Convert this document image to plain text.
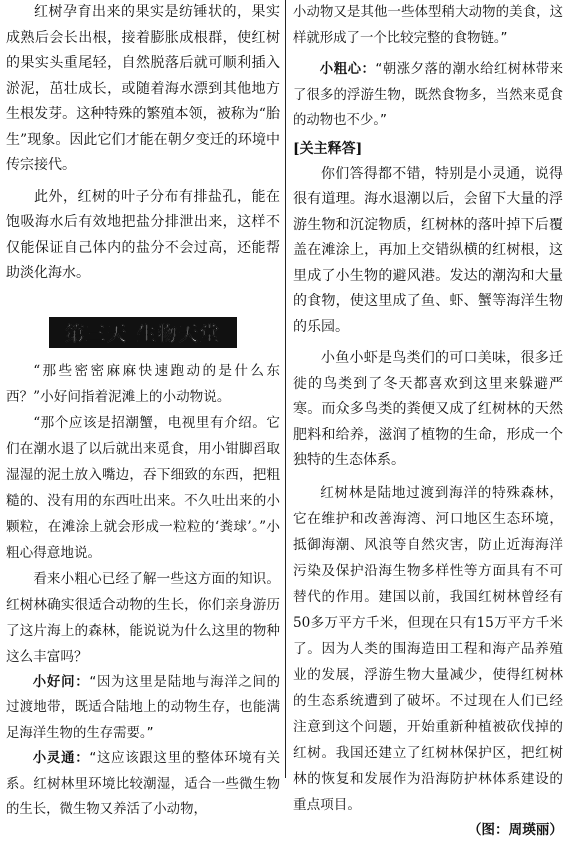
红树孕育出来的果实是纺锤状的，果实成熟后会长出根，接着膨胀成根群，使红树的果实头重尾轻，自然脱落后就可顺利插入淤泥，茁壮成长，或随着海水漂到其他地方生根发芽。这种特殊的繁殖本领，被称为“胎生”现象。因此它们才能在朝夕变迁的环境中传宗接代。

此外，红树的叶子分布有排盐孔，能在饱吸海水后有效地把盐分排泄出来，这样不仅能保证自己体内的盐分不会过高，还能帮助淡化海水。

第三天 生物天堂

“那些密密麻麻快速跑动的是什么东西？”小好问指着泥滩上的小动物说。

“那个应该是招潮蟹，电视里有介绍。它们在潮水退了以后就出来觅食，用小钳脚舀取湿湿的泥土放入嘴边，吞下细致的东西，把粗糙的、没有用的东西吐出来。不久吐出来的小颗粒，在滩涂上就会形成一粒粒的‘粪球’。”小粗心得意地说。

看来小粗心已经了解一些这方面的知识。红树林确实很适合动物的生长，你们亲身游历了这片海上的森林，能说说为什么这里的物种这么丰富吗？

小好问：“因为这里是陆地与海洋之间的过渡地带，既适合陆地上的动物生存，也能满足海洋生物的生存需要。”

小灵通：“这应该跟这里的整体环境有关系。红树林里环境比较潮湿，适合一些微生物的生长，微生物又养活了小动物，

小动物又是其他一些体型稍大动物的美食，这样就形成了一个比较完整的食物链。”

小粗心：“朝涨夕落的潮水给红树林带来了很多的浮游生物，既然食物多，当然来觅食的动物也不少。”

[关主释答]

你们答得都不错，特别是小灵通，说得很有道理。海水退潮以后，会留下大量的浮游生物和沉淀物质，红树林的落叶掉下后覆盖在滩涂上，再加上交错纵横的红树根，这里成了小生物的避风港。发达的潮沟和大量的食物，使这里成了鱼、虾、蟹等海洋生物的乐园。

小鱼小虾是鸟类们的可口美味，很多迁徙的鸟类到了冬天都喜欢到这里来躲避严寒。而众多鸟类的粪便又成了红树林的天然肥料和给养，滋润了植物的生命，形成一个独特的生态体系。

红树林是陆地过渡到海洋的特殊森林，它在维护和改善海湾、河口地区生态环境，抵御海潮、风浪等自然灾害，防止近海海洋污染及保护沿海生物多样性等方面具有不可替代的作用。建国以前，我国红树林曾经有50多万平方千米，但现在只有15万平方千米了。因为人类的围海造田工程和海产品养殖业的发展，浮游生物大量减少，使得红树林的生态系统遭到了破坏。不过现在人们已经注意到这个问题，开始重新种植被砍伐掉的红树。我国还建立了红树林保护区，把红树林的恢复和发展作为沿海防护林体系建设的重点项目。

（图：周瑛丽）
